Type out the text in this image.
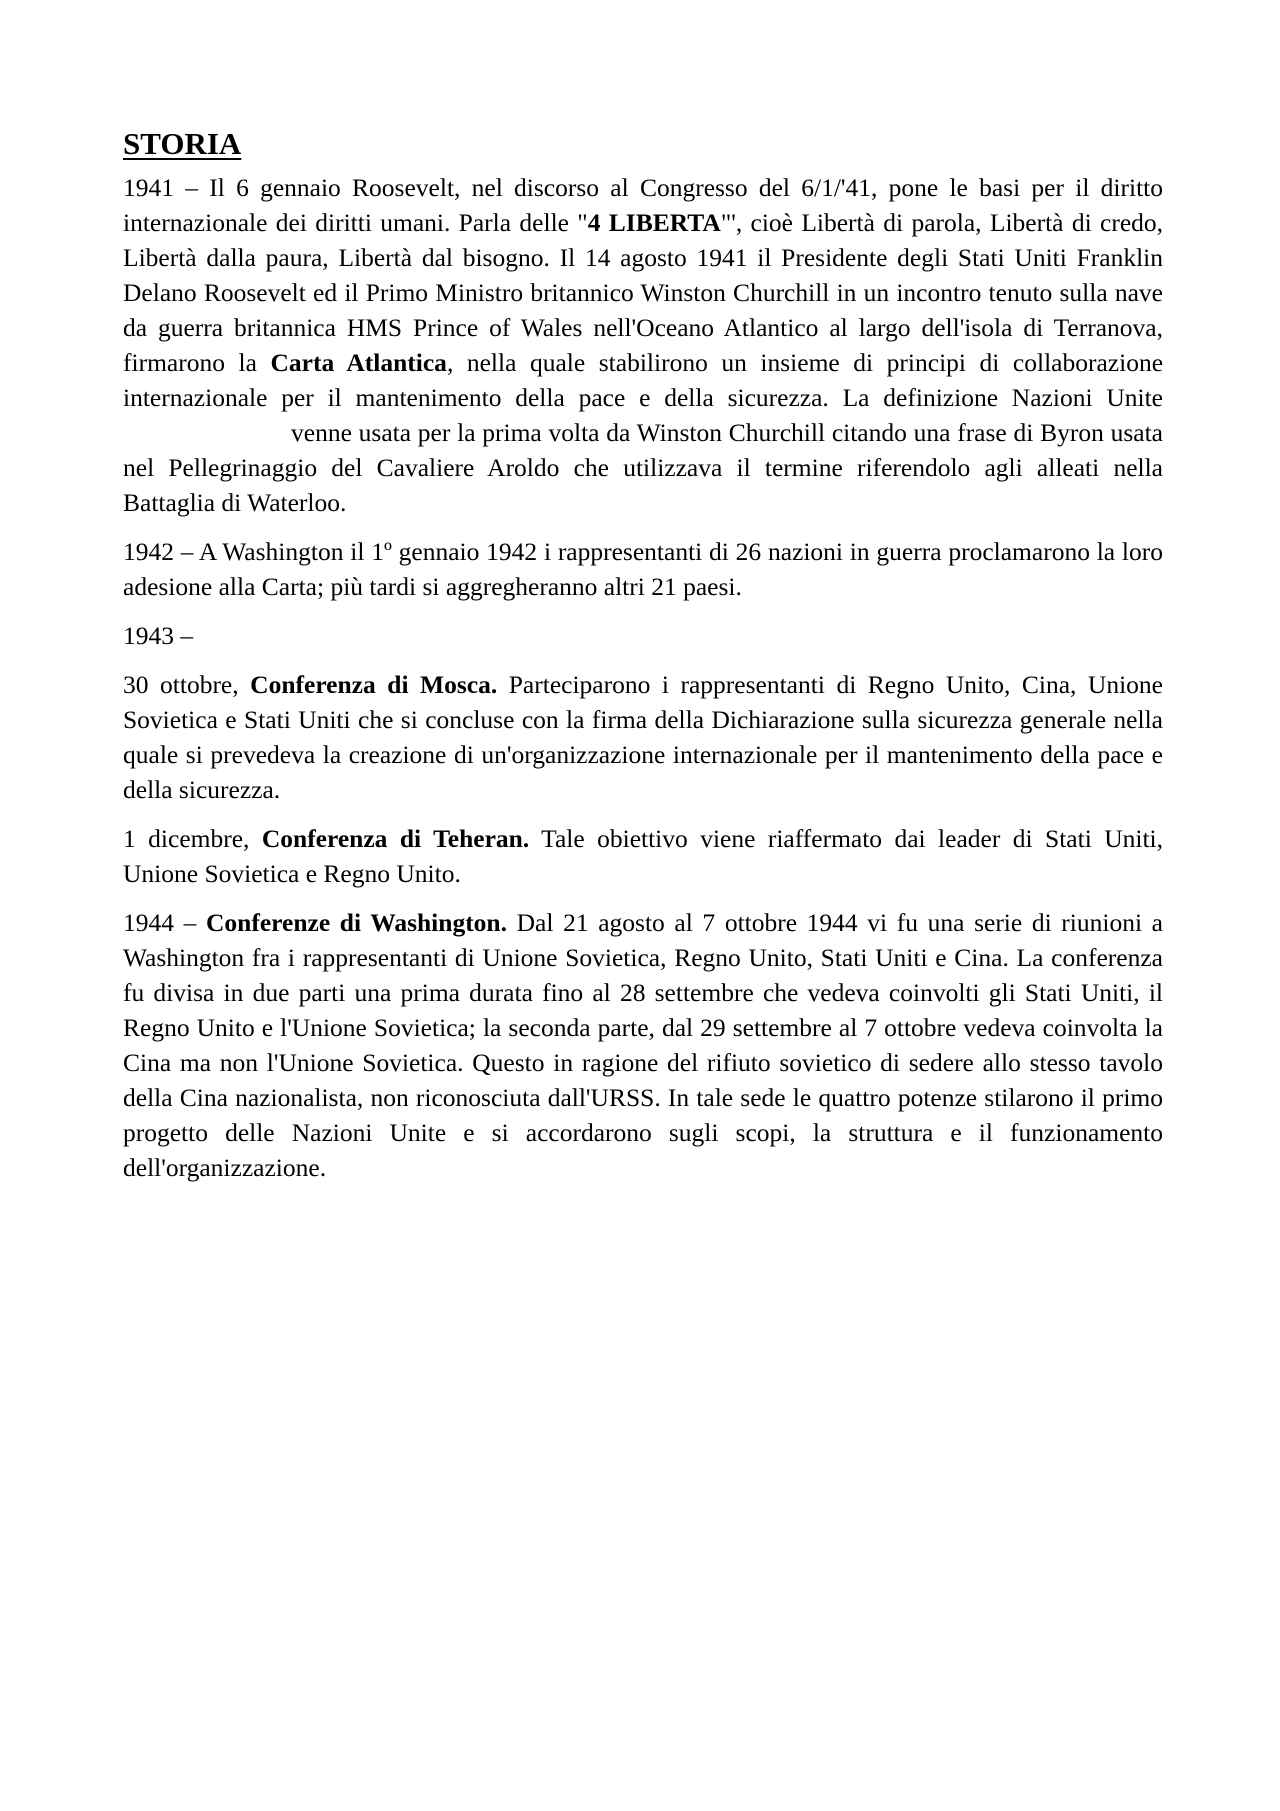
STORIA

1941 – Il 6 gennaio Roosevelt, nel discorso al Congresso del 6/1/'41, pone le basi per il diritto internazionale dei diritti umani. Parla delle "4 LIBERTA"', cioè Libertà di parola, Libertà di credo, Libertà dalla paura, Libertà dal bisogno. Il 14 agosto 1941 il Presidente degli Stati Uniti Franklin Delano Roosevelt ed il Primo Ministro britannico Winston Churchill in un incontro tenuto sulla nave da guerra britannica HMS Prince of Wales nell'Oceano Atlantico al largo dell'isola di Terranova, firmarono la Carta Atlantica, nella quale stabilirono un insieme di principi di collaborazione internazionale per il mantenimento della pace e della sicurezza. La definizione Nazioni Unitevenne usata per la prima volta da Winston Churchill citando una frase di Byron usata nel Pellegrinaggio del Cavaliere Aroldo che utilizzava il termine riferendolo agli alleati nella Battaglia di Waterloo.

1942 – A Washington il 1º gennaio 1942 i rappresentanti di 26 nazioni in guerra proclamarono la loro adesione alla Carta; più tardi si aggregheranno altri 21 paesi.

1943 –

30 ottobre, Conferenza di Mosca. Parteciparono i rappresentanti di Regno Unito, Cina, Unione Sovietica e Stati Uniti che si concluse con la firma della Dichiarazione sulla sicurezza generale nella quale si prevedeva la creazione di un'organizzazione internazionale per il mantenimento della pace e della sicurezza.

1 dicembre, Conferenza di Teheran. Tale obiettivo viene riaffermato dai leader di Stati Uniti, Unione Sovietica e Regno Unito.

1944 – Conferenze di Washington. Dal 21 agosto al 7 ottobre 1944 vi fu una serie di riunioni a Washington fra i rappresentanti di Unione Sovietica, Regno Unito, Stati Uniti e Cina. La conferenza fu divisa in due parti una prima durata fino al 28 settembre che vedeva coinvolti gli Stati Uniti, il Regno Unito e l'Unione Sovietica; la seconda parte, dal 29 settembre al 7 ottobre vedeva coinvolta la Cina ma non l'Unione Sovietica. Questo in ragione del rifiuto sovietico di sedere allo stesso tavolo della Cina nazionalista, non riconosciuta dall'URSS. In tale sede le quattro potenze stilarono il primo progetto delle Nazioni Unite e si accordarono sugli scopi, la struttura e il funzionamento dell'organizzazione.
